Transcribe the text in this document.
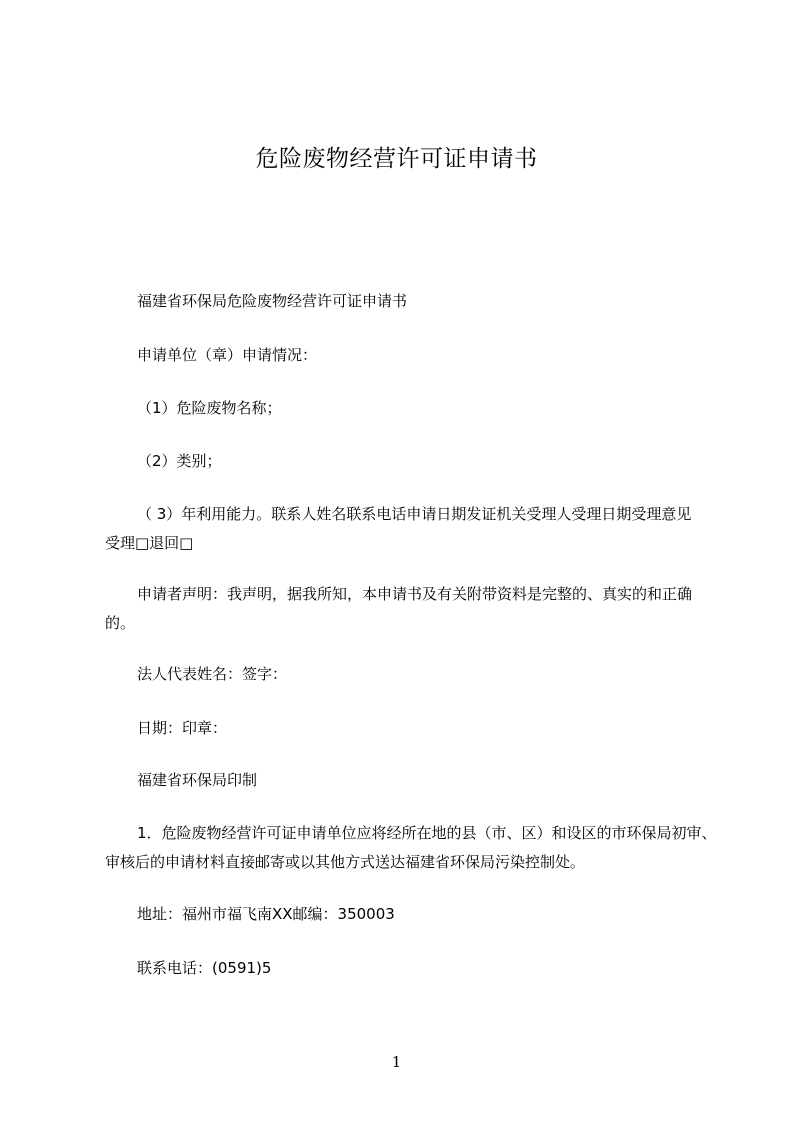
危险废物经营许可证申请书
福建省环保局危险废物经营许可证申请书
申请单位（章）申请情况：
（1）危险废物名称；
（2）类别；
（ 3）年利用能力。联系人姓名联系电话申请日期发证机关受理人受理日期受理意见受理□退回□
申请者声明：我声明，据我所知，本申请书及有关附带资料是完整的、真实的和正确的。
法人代表姓名：签字：
日期：印章：
福建省环保局印制
1．危险废物经营许可证申请单位应将经所在地的县（市、区）和设区的市环保局初审、审核后的申请材料直接邮寄或以其他方式送达福建省环保局污染控制处。
地址：福州市福飞南XX邮编：350003
联系电话：(0591)5
1
